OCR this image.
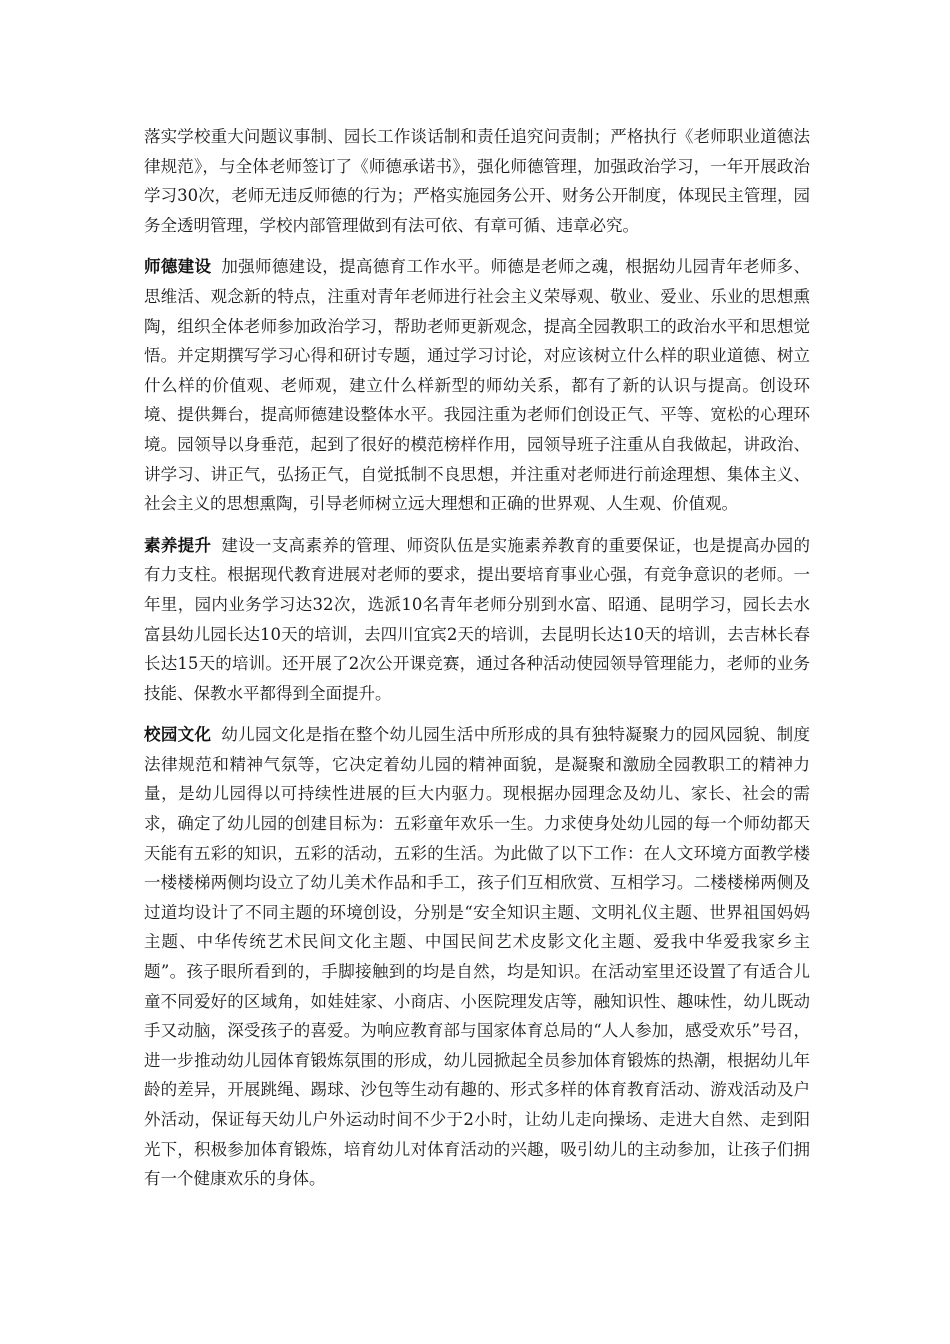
落实学校重大问题议事制、园长工作谈话制和责任追究问责制；严格执行《老师职业道德法律规范》，与全体老师签订了《师德承诺书》，强化师德管理，加强政治学习，一年开展政治学习30次，老师无违反师德的行为；严格实施园务公开、财务公开制度，体现民主管理，园务全透明管理，学校内部管理做到有法可依、有章可循、违章必究。

师德建设 加强师德建设，提高德育工作水平。师德是老师之魂，根据幼儿园青年老师多、思维活、观念新的特点，注重对青年老师进行社会主义荣辱观、敬业、爱业、乐业的思想熏陶，组织全体老师参加政治学习，帮助老师更新观念，提高全园教职工的政治水平和思想觉悟。并定期撰写学习心得和研讨专题，通过学习讨论，对应该树立什么样的职业道德、树立什么样的价值观、老师观，建立什么样新型的师幼关系，都有了新的认识与提高。创设环境、提供舞台，提高师德建设整体水平。我园注重为老师们创设正气、平等、宽松的心理环境。园领导以身垂范，起到了很好的模范榜样作用，园领导班子注重从自我做起，讲政治、讲学习、讲正气，弘扬正气，自觉抵制不良思想，并注重对老师进行前途理想、集体主义、社会主义的思想熏陶，引导老师树立远大理想和正确的世界观、人生观、价值观。

素养提升 建设一支高素养的管理、师资队伍是实施素养教育的重要保证，也是提高办园的有力支柱。根据现代教育进展对老师的要求，提出要培育事业心强，有竞争意识的老师。一年里，园内业务学习达32次，选派10名青年老师分别到水富、昭通、昆明学习，园长去水富县幼儿园长达10天的培训，去四川宜宾2天的培训，去昆明长达10天的培训，去吉林长春长达15天的培训。还开展了2次公开课竞赛，通过各种活动使园领导管理能力，老师的业务技能、保教水平都得到全面提升。

校园文化 幼儿园文化是指在整个幼儿园生活中所形成的具有独特凝聚力的园风园貌、制度法律规范和精神气氛等，它决定着幼儿园的精神面貌，是凝聚和激励全园教职工的精神力量，是幼儿园得以可持续性进展的巨大内驱力。现根据办园理念及幼儿、家长、社会的需求，确定了幼儿园的创建目标为：五彩童年欢乐一生。力求使身处幼儿园的每一个师幼都天天能有五彩的知识，五彩的活动，五彩的生活。为此做了以下工作：在人文环境方面教学楼一楼楼梯两侧均设立了幼儿美术作品和手工，孩子们互相欣赏、互相学习。二楼楼梯两侧及过道均设计了不同主题的环境创设，分别是“安全知识主题、文明礼仪主题、世界祖国妈妈主题、中华传统艺术民间文化主题、中国民间艺术皮影文化主题、爱我中华爱我家乡主题”。孩子眼所看到的，手脚接触到的均是自然，均是知识。在活动室里还设置了有适合儿童不同爱好的区域角，如娃娃家、小商店、小医院理发店等，融知识性、趣味性，幼儿既动手又动脑，深受孩子的喜爱。为响应教育部与国家体育总局的“人人参加，感受欢乐”号召，进一步推动幼儿园体育锻炼氛围的形成，幼儿园掀起全员参加体育锻炼的热潮，根据幼儿年龄的差异，开展跳绳、踢球、沙包等生动有趣的、形式多样的体育教育活动、游戏活动及户外活动，保证每天幼儿户外运动时间不少于2小时，让幼儿走向操场、走进大自然、走到阳光下，积极参加体育锻炼，培育幼儿对体育活动的兴趣，吸引幼儿的主动参加，让孩子们拥有一个健康欢乐的身体。
